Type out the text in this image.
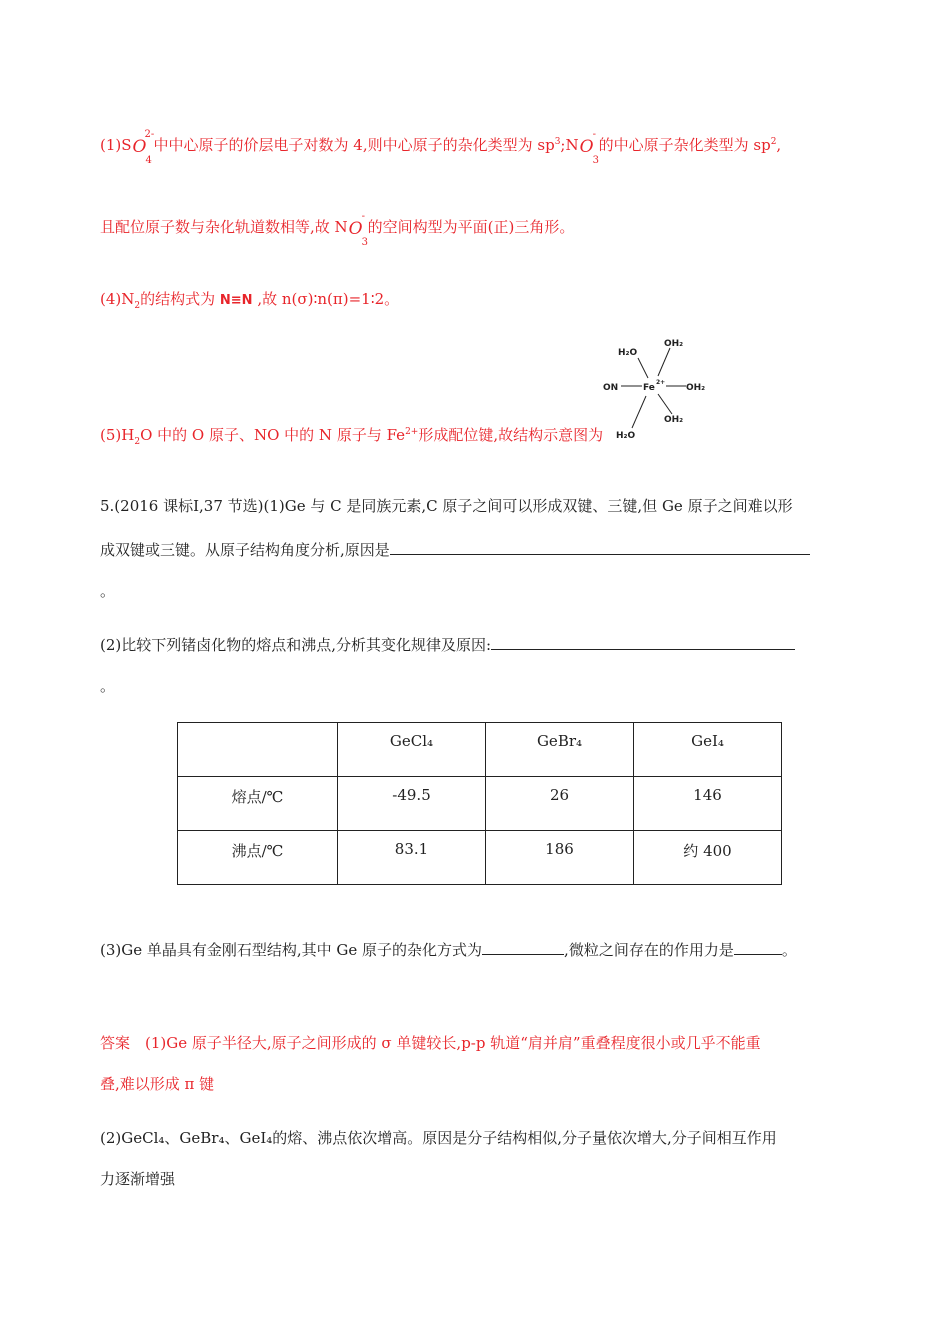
(1)S O
4
2-
中中心原子的价层电子对数为 4,则中心原子的杂化类型为 $sp^3;N$ O
3
-
的中心原子杂化类型为 $sp^2$,
且配位原子数与杂化轨道数相等,故 N O
3
-
的空间构型为平面(正)三角形。
$(4)N_2$的结构式为 N≡N ,故 n(σ)∶n(π)=1∶2。
$(5)H_2O$ 中的 O 原子、NO 中的 N 原子与 $Fe^{2+}$形成配位键,故结构示意图为
H₂O
OH₂
ON	Fe
2+
OH₂
OH₂
H₂O
5.(2016 课标Ⅰ,37 节选)(1)Ge 与 C 是同族元素,C 原子之间可以形成双键、三键,但 Ge 原子之间难以形
成双键或三键。从原子结构角度分析,原因是
。
(2)比较下列锗卤化物的熔点和沸点,分析其变化规律及原因:
。
	GeCl₄	GeBr₄	GeI₄
熔点/℃	-49.5	26	146
沸点/℃	83.1	186	约 400
(3)Ge 单晶具有金刚石型结构,其中 Ge 原子的杂化方式为	,微粒之间存在的作用力是	。
答案　(1)Ge 原子半径大,原子之间形成的 σ 单键较长,p-p 轨道“肩并肩”重叠程度很小或几乎不能重
叠,难以形成 π 键
(2)GeCl₄、GeBr₄、GeI₄的熔、沸点依次增高。原因是分子结构相似,分子量依次增大,分子间相互作用
力逐渐增强
